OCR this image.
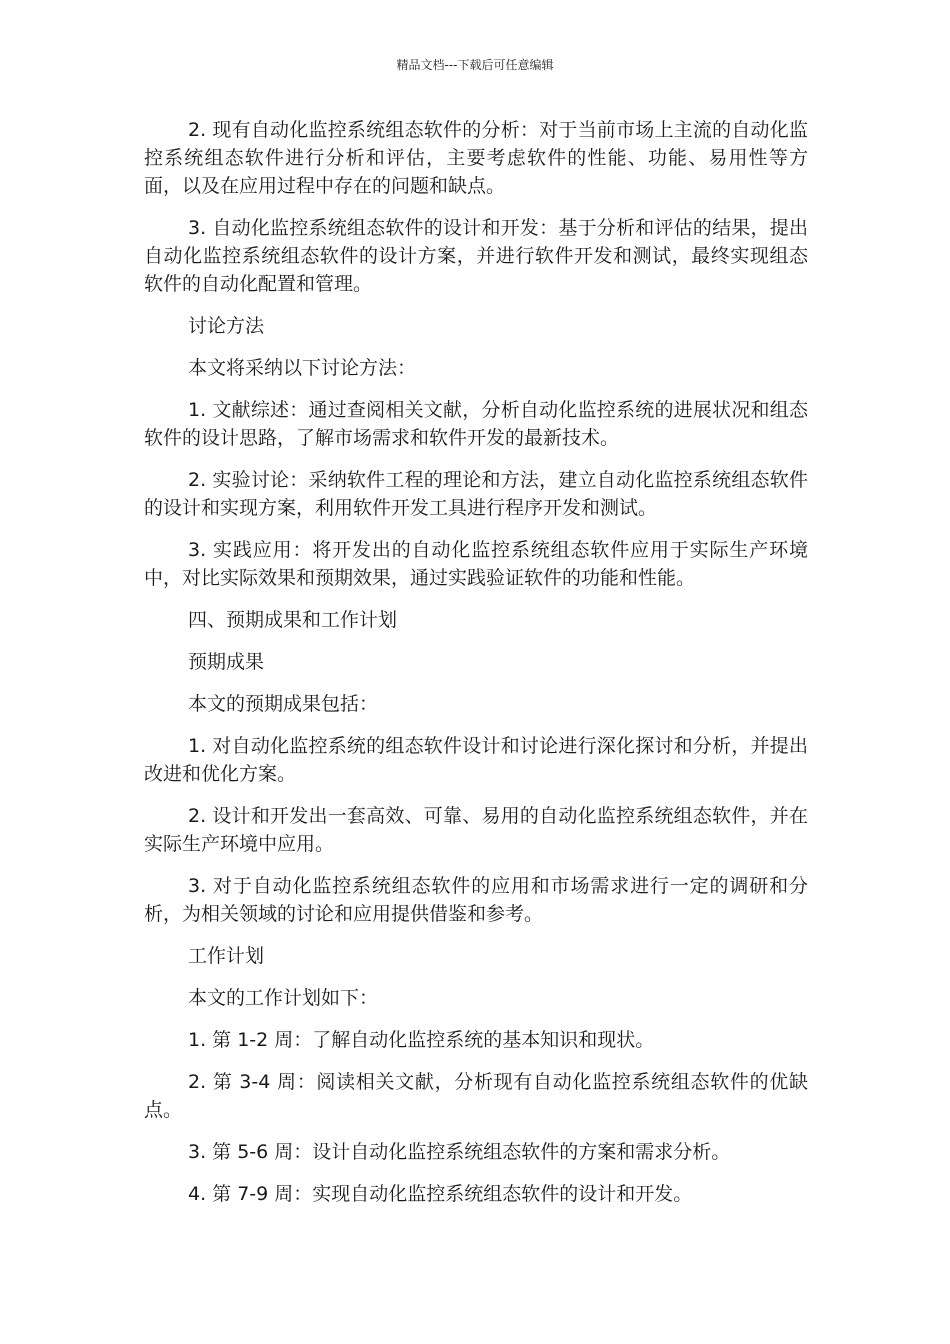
精品文档---下载后可任意编辑

2. 现有自动化监控系统组态软件的分析：对于当前市场上主流的自动化监控系统组态软件进行分析和评估，主要考虑软件的性能、功能、易用性等方面，以及在应用过程中存在的问题和缺点。

3. 自动化监控系统组态软件的设计和开发：基于分析和评估的结果，提出自动化监控系统组态软件的设计方案，并进行软件开发和测试，最终实现组态软件的自动化配置和管理。

讨论方法

本文将采纳以下讨论方法：

1. 文献综述：通过查阅相关文献，分析自动化监控系统的进展状况和组态软件的设计思路，了解市场需求和软件开发的最新技术。

2. 实验讨论：采纳软件工程的理论和方法，建立自动化监控系统组态软件的设计和实现方案，利用软件开发工具进行程序开发和测试。

3. 实践应用：将开发出的自动化监控系统组态软件应用于实际生产环境中，对比实际效果和预期效果，通过实践验证软件的功能和性能。

四、预期成果和工作计划

预期成果

本文的预期成果包括：

1. 对自动化监控系统的组态软件设计和讨论进行深化探讨和分析，并提出改进和优化方案。

2. 设计和开发出一套高效、可靠、易用的自动化监控系统组态软件，并在实际生产环境中应用。

3. 对于自动化监控系统组态软件的应用和市场需求进行一定的调研和分析，为相关领域的讨论和应用提供借鉴和参考。

工作计划

本文的工作计划如下：

1. 第 1-2 周：了解自动化监控系统的基本知识和现状。

2. 第 3-4 周：阅读相关文献，分析现有自动化监控系统组态软件的优缺点。

3. 第 5-6 周：设计自动化监控系统组态软件的方案和需求分析。

4. 第 7-9 周：实现自动化监控系统组态软件的设计和开发。
